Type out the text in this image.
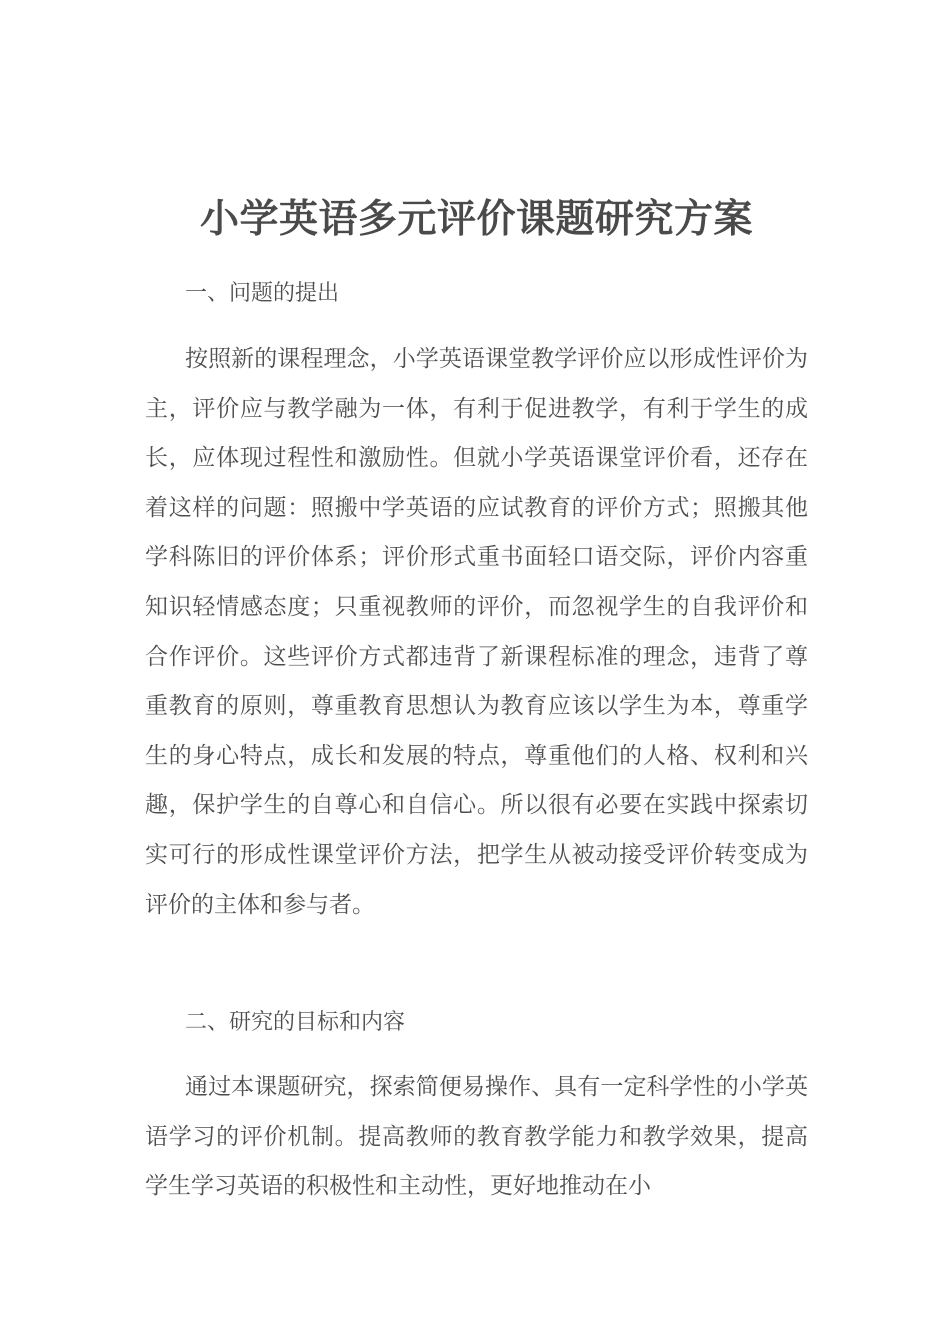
小学英语多元评价课题研究方案
一、问题的提出

按照新的课程理念，小学英语课堂教学评价应以形成性评价为主，评价应与教学融为一体，有利于促进教学，有利于学生的成长，应体现过程性和激励性。但就小学英语课堂评价看，还存在着这样的问题：照搬中学英语的应试教育的评价方式；照搬其他学科陈旧的评价体系；评价形式重书面轻口语交际，评价内容重知识轻情感态度；只重视教师的评价，而忽视学生的自我评价和合作评价。这些评价方式都违背了新课程标准的理念，违背了尊重教育的原则，尊重教育思想认为教育应该以学生为本，尊重学生的身心特点，成长和发展的特点，尊重他们的人格、权利和兴趣，保护学生的自尊心和自信心。所以很有必要在实践中探索切实可行的形成性课堂评价方法，把学生从被动接受评价转变成为评价的主体和参与者。

二、研究的目标和内容

通过本课题研究，探索简便易操作、具有一定科学性的小学英语学习的评价机制。提高教师的教育教学能力和教学效果，提高学生学习英语的积极性和主动性，更好地推动在小
